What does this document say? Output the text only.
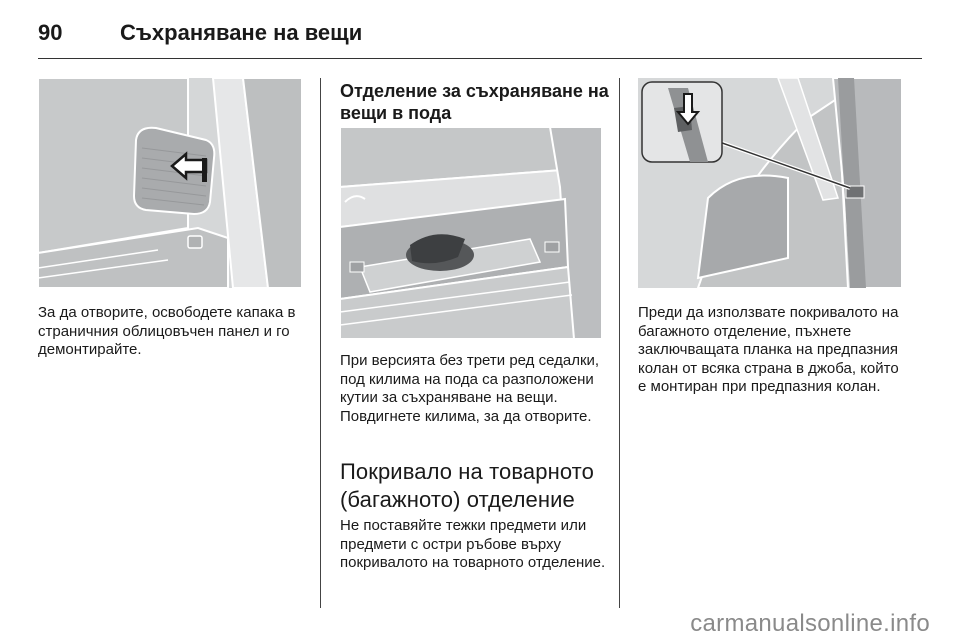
90	Съхраняване на вещи

За да отворите, освободете капака в страничния облицовъчен панел и го демонтирайте.

Отделение за съхраняване на вещи в пода

При версията без трети ред седалки, под килима на пода са разположени кутии за съхраняване на вещи. Повдигнете килима, за да отворите.

Покривало на товарното (багажното) отделение

Не поставяйте тежки предмети или предмети с остри ръбове върху покривалото на товарното отделение.

Преди да използвате покривалото на багажното отделение, пъхнете заключващата планка на предпазния колан от всяка страна в джоба, който е монтиран при предпазния колан.

carmanualsonline.info
